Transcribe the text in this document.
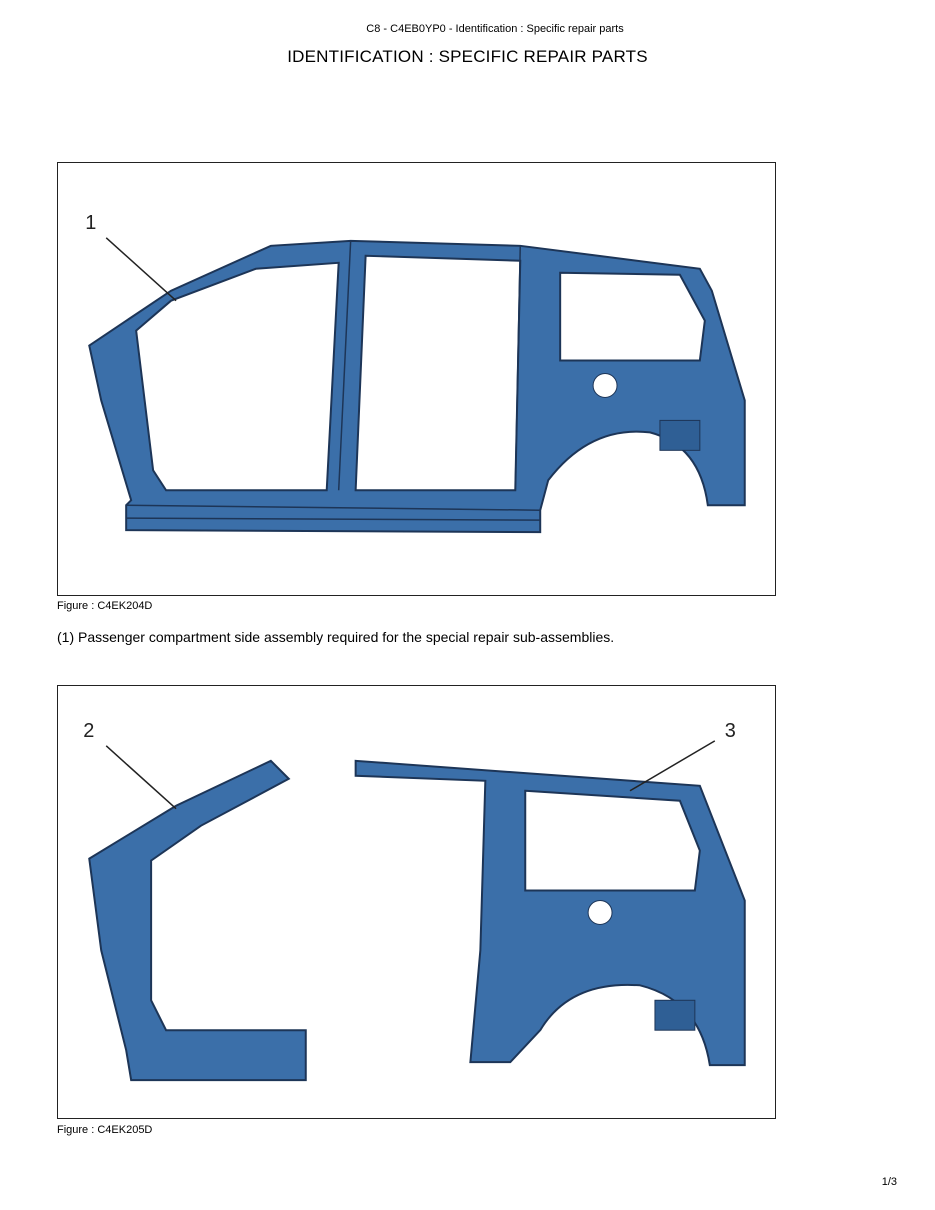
C8 - C4EB0YP0 - Identification : Specific repair parts
IDENTIFICATION : SPECIFIC REPAIR PARTS
1
Figure : C4EK204D
(1) Passenger compartment side assembly required for the special repair sub-assemblies.
2	3
Figure : C4EK205D
1/3
